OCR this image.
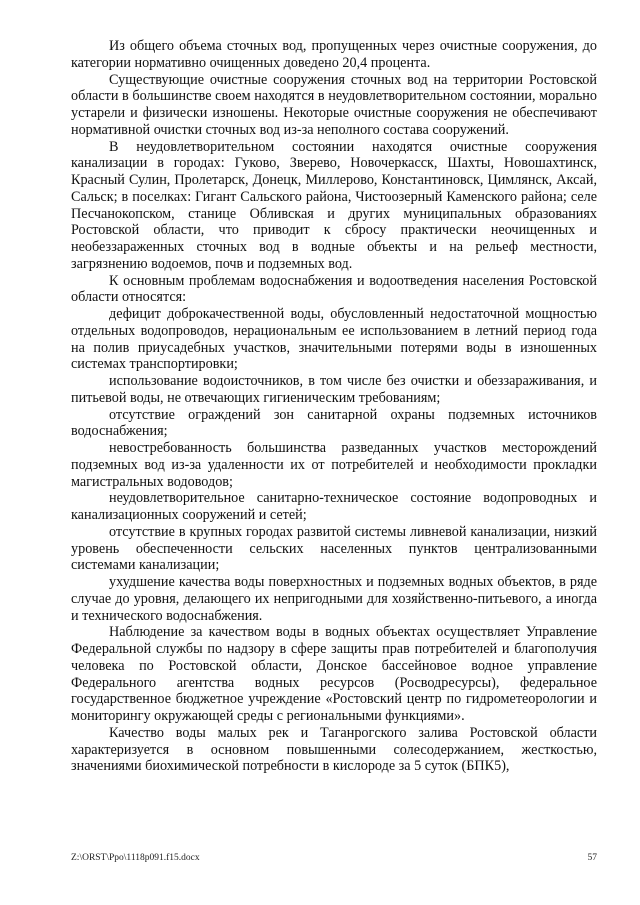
Из общего объема сточных вод, пропущенных через очистные сооружения, до категории нормативно очищенных доведено 20,4 процента.

Существующие очистные сооружения сточных вод на территории Ростовской области в большинстве своем находятся в неудовлетворительном состоянии, морально устарели и физически изношены. Некоторые очистные сооружения не обеспечивают нормативной очистки сточных вод из-за неполного состава сооружений.

В неудовлетворительном состоянии находятся очистные сооружения канализации в городах: Гуково, Зверево, Новочеркасск, Шахты, Новошахтинск, Красный Сулин, Пролетарск, Донецк, Миллерово, Константиновск, Цимлянск, Аксай, Сальск; в поселках: Гигант Сальского района, Чистоозерный Каменского района; селе Песчанокопском, станице Обливская и других муниципальных образованиях Ростовской области, что приводит к сбросу практически неочищенных и необеззараженных сточных вод в водные объекты и на рельеф местности, загрязнению водоемов, почв и подземных вод.

К основным проблемам водоснабжения и водоотведения населения Ростовской области относятся:

дефицит доброкачественной воды, обусловленный недостаточной мощностью отдельных водопроводов, нерациональным ее использованием в летний период года на полив приусадебных участков, значительными потерями воды в изношенных системах транспортировки;

использование водоисточников, в том числе без очистки и обеззараживания, и питьевой воды, не отвечающих гигиеническим требованиям;

отсутствие ограждений зон санитарной охраны подземных источников водоснабжения;

невостребованность большинства разведанных участков месторождений подземных вод из-за удаленности их от потребителей и необходимости прокладки магистральных водоводов;

неудовлетворительное санитарно-техническое состояние водопроводных и канализационных сооружений и сетей;

отсутствие в крупных городах развитой системы ливневой канализации, низкий уровень обеспеченности сельских населенных пунктов централизованными системами канализации;

ухудшение качества воды поверхностных и подземных водных объектов, в ряде случае до уровня, делающего их непригодными для хозяйственно-питьевого, а иногда и технического водоснабжения.

Наблюдение за качеством воды в водных объектах осуществляет Управление Федеральной службы по надзору в сфере защиты прав потребителей и благополучия человека по Ростовской области, Донское бассейновое водное управление Федерального агентства водных ресурсов (Росводресурсы), федеральное государственное бюджетное учреждение «Ростовский центр по гидрометеорологии и мониторингу окружающей среды с региональными функциями».

Качество воды малых рек и Таганрогского залива Ростовской области характеризуется в основном повышенными солесодержанием, жесткостью, значениями биохимической потребности в кислороде за 5 суток (БПК5),

Z:\ORST\Ppo\1118p091.f15.docx	57
